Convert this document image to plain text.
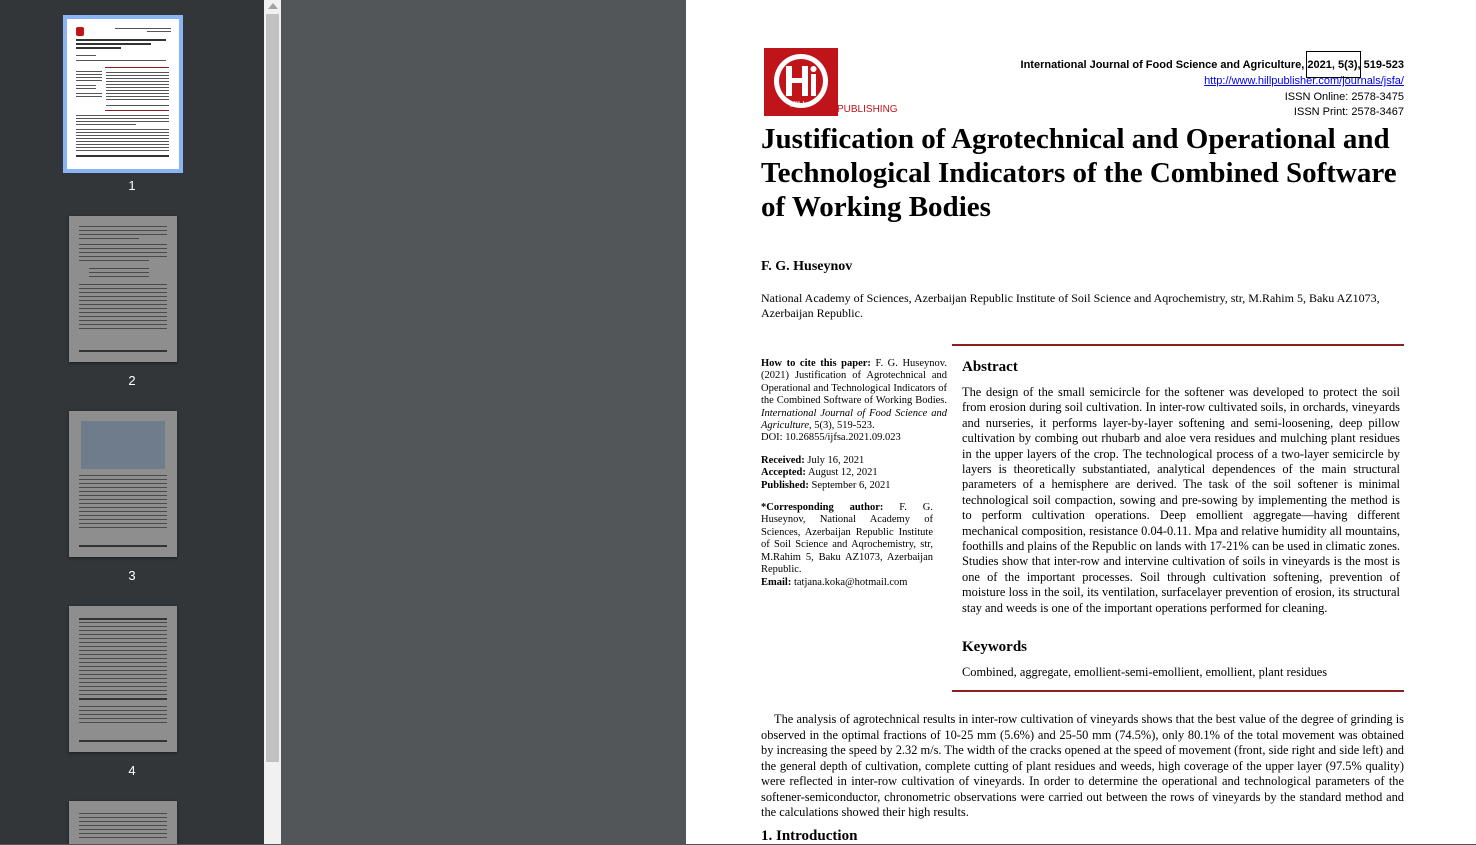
1
2
3
4
HILL	PUBLISHING
International Journal of Food Science and Agriculture, 2021, 5(3), 519-523
http://www.hillpublisher.com/journals/jsfa/
ISSN Online: 2578-3475
ISSN Print: 2578-3467
Justification of Agrotechnical and Operational and Technological Indicators of the Combined Software of Working Bodies
F. G. Huseynov
National Academy of Sciences, Azerbaijan Republic Institute of Soil Science and Aqrochemistry, str, M.Rahim 5, Baku AZ1073, Azerbaijan Republic.

How to cite this paper: F. G. Huseynov. (2021) Justification of Agrotechnical and Operational and Technological Indicators of the Combined Software of Working Bodies. International Journal of Food Science and Agriculture, 5(3), 519-523.
DOI: 10.26855/ijfsa.2021.09.023

Received: July 16, 2021
Accepted: August 12, 2021
Published: September 6, 2021

*Corresponding author: F. G. Huseynov, National Academy of Sciences, Azerbaijan Republic Institute of Soil Science and Aqrochemistry, str, M.Rahim 5, Baku AZ1073, Azerbaijan Republic.
Email: tatjana.koka@hotmail.com

Abstract
The design of the small semicircle for the softener was developed to protect the soil from erosion during soil cultivation. In inter-row cultivated soils, in orchards, vineyards and nurseries, it performs layer-by-layer softening and semi-loosening, deep pillow cultivation by combing out rhubarb and aloe vera residues and mulching plant residues in the upper layers of the crop. The technological process of a two-layer semicircle by layers is theoretically substantiated, analytical dependences of the main structural parameters of a hemisphere are derived. The task of the soil softener is minimal technological soil compaction, sowing and pre-sowing by implementing the method is to perform cultivation operations. Deep emollient aggregate—having different mechanical composition, resistance 0.04-0.11. Mpa and relative humidity all mountains, foothills and plains of the Republic on lands with 17-21% can be used in climatic zones. Studies show that inter-row and intervine cultivation of soils in vineyards is the most is one of the important processes. Soil through cultivation softening, prevention of moisture loss in the soil, its ventilation, surfacelayer prevention of erosion, its structural stay and weeds is one of the important operations performed for cleaning.
Keywords
Combined, aggregate, emollient-semi-emollient, emollient, plant residues
The analysis of agrotechnical results in inter-row cultivation of vineyards shows that the best value of the degree of grinding is observed in the optimal fractions of 10-25 mm (5.6%) and 25-50 mm (74.5%), only 80.1% of the total movement was obtained by increasing the speed by 2.32 m/s. The width of the cracks opened at the speed of movement (front, side right and side left) and the general depth of cultivation, complete cutting of plant residues and weeds, high coverage of the upper layer (97.5% quality) were reflected in inter-row cultivation of vineyards. In order to determine the operational and technological parameters of the softener-semiconductor, chronometric observations were carried out between the rows of vineyards by the standard method and the calculations showed their high results.
1. Introduction
